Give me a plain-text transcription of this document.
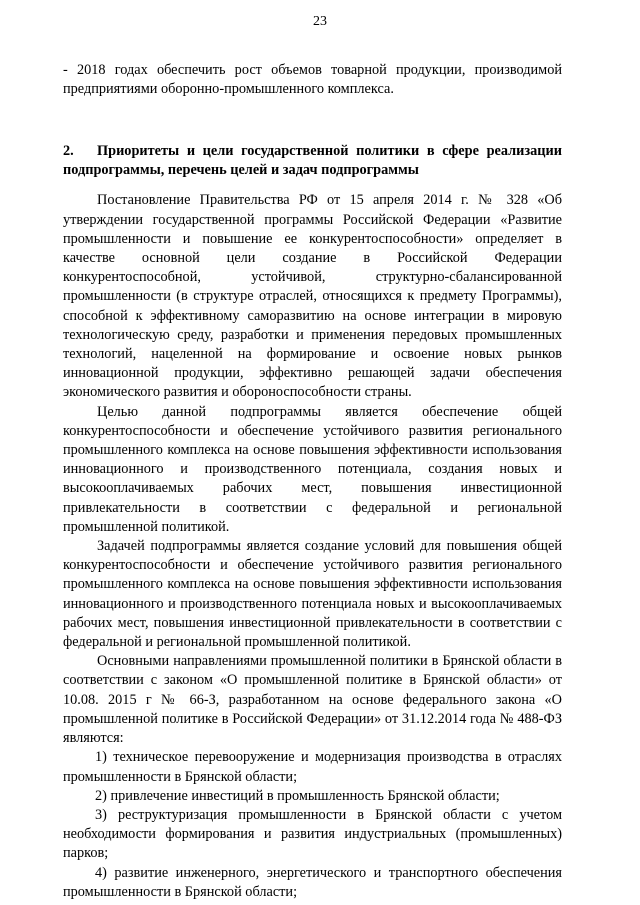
23

- 2018 годах обеспечить рост объемов товарной продукции, производимой предприятиями оборонно-промышленного комплекса.

2. Приоритеты и цели государственной политики в сфере реализации подпрограммы, перечень целей и задач подпрограммы

Постановление Правительства РФ от 15 апреля 2014 г. № 328 «Об утверждении государственной программы Российской Федерации «Развитие промышленности и повышение ее конкурентоспособности» определяет в качестве основной цели создание в Российской Федерации конкурентоспособной, устойчивой, структурно-сбалансированной промышленности (в структуре отраслей, относящихся к предмету Программы), способной к эффективному саморазвитию на основе интеграции в мировую технологическую среду, разработки и применения передовых промышленных технологий, нацеленной на формирование и освоение новых рынков инновационной продукции, эффективно решающей задачи обеспечения экономического развития и обороноспособности страны.

Целью данной подпрограммы является обеспечение общей конкурентоспособности и обеспечение устойчивого развития регионального промышленного комплекса на основе повышения эффективности использования инновационного и производственного потенциала, создания новых и высокооплачиваемых рабочих мест, повышения инвестиционной привлекательности в соответствии с федеральной и региональной промышленной политикой.

Задачей подпрограммы является создание условий для повышения общей конкурентоспособности и обеспечение устойчивого развития регионального промышленного комплекса на основе повышения эффективности использования инновационного и производственного потенциала новых и высокооплачиваемых рабочих мест, повышения инвестиционной привлекательности в соответствии с федеральной и региональной промышленной политикой.

Основными направлениями промышленной политики в Брянской области в соответствии с законом «О промышленной политике в Брянской области» от 10.08. 2015 г № 66-З, разработанном на основе федерального закона «О промышленной политике в Российской Федерации» от 31.12.2014 года № 488-ФЗ являются:

1) техническое перевооружение и модернизация производства в отраслях промышленности в Брянской области;

2) привлечение инвестиций в промышленность Брянской области;

3) реструктуризация промышленности в Брянской области с учетом необходимости формирования и развития индустриальных (промышленных) парков;

4) развитие инженерного, энергетического и транспортного обеспечения промышленности в Брянской области;
